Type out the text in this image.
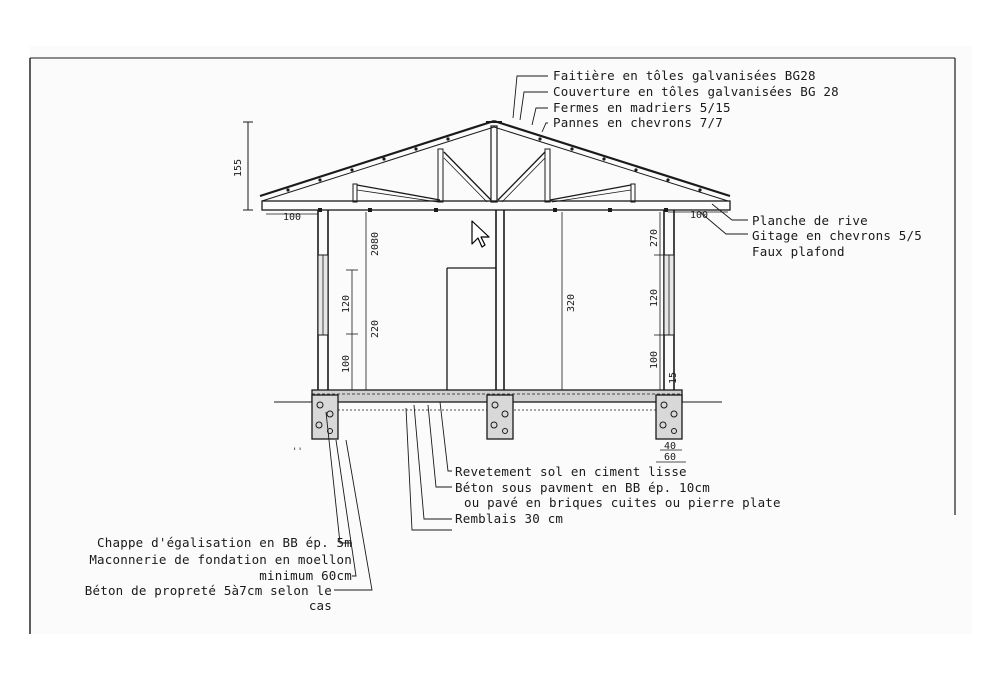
155
100	100
320
2080
120
220
100
270
120
100
15
''	40
60
Faitière en tôles galvanisées BG28
Couverture en tôles galvanisées BG 28
Fermes en madriers 5/15
Pannes en chevrons 7/7
Planche de rive
Gitage en chevrons 5/5
Faux plafond
Revetement sol en ciment lisse
Béton sous pavment en BB ép. 10cm
ou pavé en briques cuites ou pierre plate
Remblais 30 cm
Chappe d'égalisation en BB ép. 5m
Maconnerie de fondation en moellon
minimum 60cm
Béton de propreté 5à7cm selon le
cas
